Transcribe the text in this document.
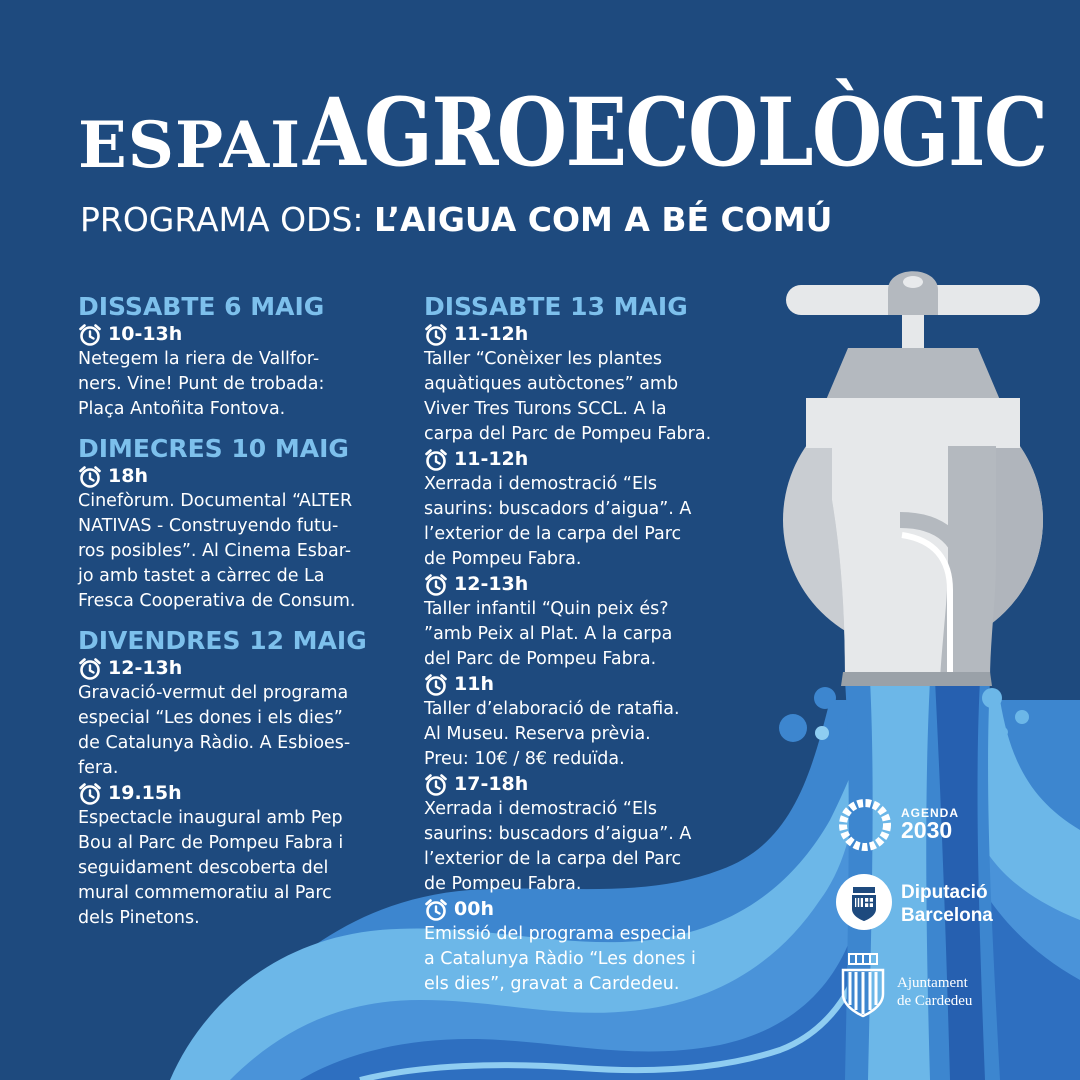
ESPAI AGROECOLÒGIC
PROGRAMA ODS: L’AIGUA COM A BÉ COMÚ
DISSABTE 6 MAIG
10-13h
Netegem la riera de Vallfor-
ners. Vine! Punt de trobada:
Plaça Antoñita Fontova.
DIMECRES 10 MAIG
18h
Cinefòrum. Documental “ALTER
NATIVAS - Construyendo futu-
ros posibles”. Al Cinema Esbar-
jo amb tastet a càrrec de La
Fresca Cooperativa de Consum.
DIVENDRES 12 MAIG
12-13h
Gravació-vermut del programa
especial “Les dones i els dies”
de Catalunya Ràdio. A Esbioes-
fera.
19.15h
Espectacle inaugural amb Pep
Bou al Parc de Pompeu Fabra i
seguidament descoberta del
mural commemoratiu al Parc
dels Pinetons.
DISSABTE 13 MAIG
11-12h
Taller “Conèixer les plantes
aquàtiques autòctones” amb
Viver Tres Turons SCCL. A la
carpa del Parc de Pompeu Fabra.
11-12h
Xerrada i demostració “Els
saurins: buscadors d’aigua”. A
l’exterior de la carpa del Parc
de Pompeu Fabra.
12-13h
Taller infantil “Quin peix és?
”amb Peix al Plat. A la carpa
del Parc de Pompeu Fabra.
11h
Taller d’elaboració de ratafia.
Al Museu. Reserva prèvia.
Preu: 10€ / 8€ reduïda.
17-18h
Xerrada i demostració “Els
saurins: buscadors d’aigua”. A
l’exterior de la carpa del Parc
de Pompeu Fabra.
00h
Emissió del programa especial
a Catalunya Ràdio “Les dones i
els dies”, gravat a Cardedeu.
AGENDA
2030
Diputació
Barcelona
Ajuntament
de Cardedeu
